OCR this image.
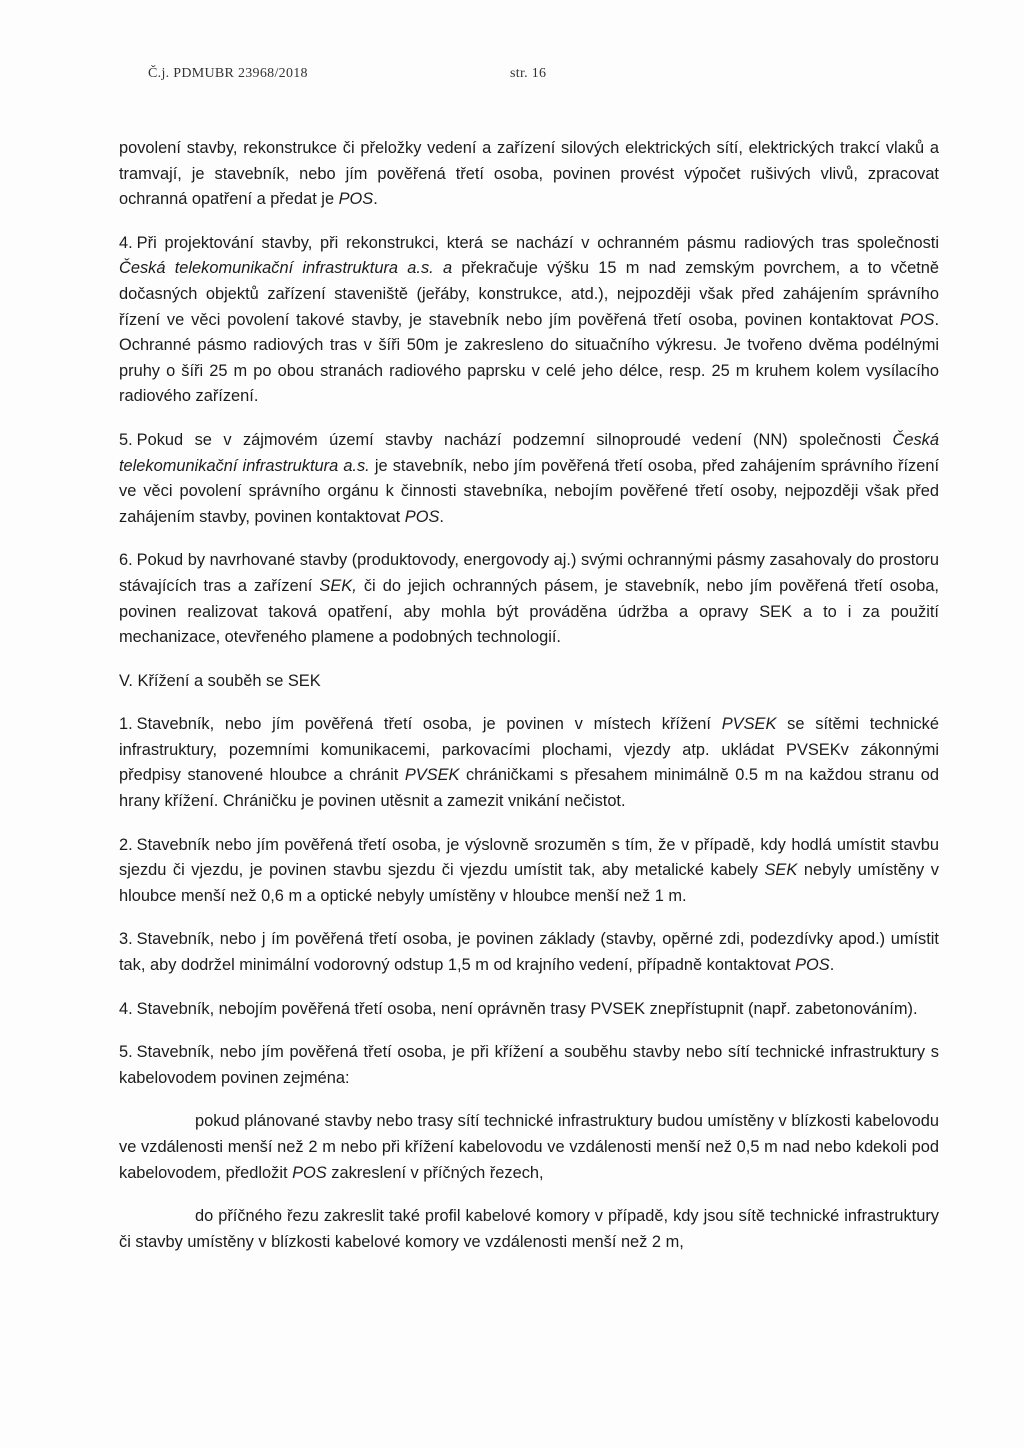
Č.j. PDMUBR 23968/2018	str. 16

povolení stavby, rekonstrukce či přeložky vedení a zařízení silových elektrických sítí, elektrických trakcí vlaků a tramvají, je stavebník, nebo jím pověřená třetí osoba, povinen provést výpočet rušivých vlivů, zpracovat ochranná opatření a předat je POS.

4. Při projektování stavby, při rekonstrukci, která se nachází v ochranném pásmu radiových tras společnosti Česká telekomunikační infrastruktura a.s. a překračuje výšku 15 m nad zemským povrchem, a to včetně dočasných objektů zařízení staveniště (jeřáby, konstrukce, atd.), nejpozději však před zahájením správního řízení ve věci povolení takové stavby, je stavebník nebo jím pověřená třetí osoba, povinen kontaktovat POS. Ochranné pásmo radiových tras v šíři 50m je zakresleno do situačního výkresu. Je tvořeno dvěma podélnými pruhy o šíři 25 m po obou stranách radiového paprsku v celé jeho délce, resp. 25 m kruhem kolem vysílacího radiového zařízení.

5. Pokud se v zájmovém území stavby nachází podzemní silnoproudé vedení (NN) společnosti Česká telekomunikační infrastruktura a.s. je stavebník, nebo jím pověřená třetí osoba, před zahájením správního řízení ve věci povolení správního orgánu k činnosti stavebníka, nebojím pověřené třetí osoby, nejpozději však před zahájením stavby, povinen kontaktovat POS.

6. Pokud by navrhované stavby (produktovody, energovody aj.) svými ochrannými pásmy zasahovaly do prostoru stávajících tras a zařízení SEK, či do jejich ochranných pásem, je stavebník, nebo jím pověřená třetí osoba, povinen realizovat taková opatření, aby mohla být prováděna údržba a opravy SEK a to i za použití mechanizace, otevřeného plamene a podobných technologií.

V. Křížení a souběh se SEK

1. Stavebník, nebo jím pověřená třetí osoba, je povinen v místech křížení PVSEK se sítěmi technické infrastruktury, pozemními komunikacemi, parkovacími plochami, vjezdy atp. ukládat PVSEKv zákonnými předpisy stanovené hloubce a chránit PVSEK chráničkami s přesahem minimálně 0.5 m na každou stranu od hrany křížení. Chráničku je povinen utěsnit a zamezit vnikání nečistot.

2. Stavebník nebo jím pověřená třetí osoba, je výslovně srozuměn s tím, že v případě, kdy hodlá umístit stavbu sjezdu či vjezdu, je povinen stavbu sjezdu či vjezdu umístit tak, aby metalické kabely SEK nebyly umístěny v hloubce menší než 0,6 m a optické nebyly umístěny v hloubce menší než 1 m.

3. Stavebník, nebo j ím pověřená třetí osoba, je povinen základy (stavby, opěrné zdi, podezdívky apod.) umístit tak, aby dodržel minimální vodorovný odstup 1,5 m od krajního vedení, případně kontaktovat POS.

4. Stavebník, nebojím pověřená třetí osoba, není oprávněn trasy PVSEK znepřístupnit (např. zabetonováním).

5. Stavebník, nebo jím pověřená třetí osoba, je při křížení a souběhu stavby nebo sítí technické infrastruktury s kabelovodem povinen zejména:

pokud plánované stavby nebo trasy sítí technické infrastruktury budou umístěny v blízkosti kabelovodu ve vzdálenosti menší než 2 m nebo při křížení kabelovodu ve vzdálenosti menší než 0,5 m nad nebo kdekoli pod kabelovodem, předložit POS zakreslení v příčných řezech,

do příčného řezu zakreslit také profil kabelové komory v případě, kdy jsou sítě technické infrastruktury či stavby umístěny v blízkosti kabelové komory ve vzdálenosti menší než 2 m,
